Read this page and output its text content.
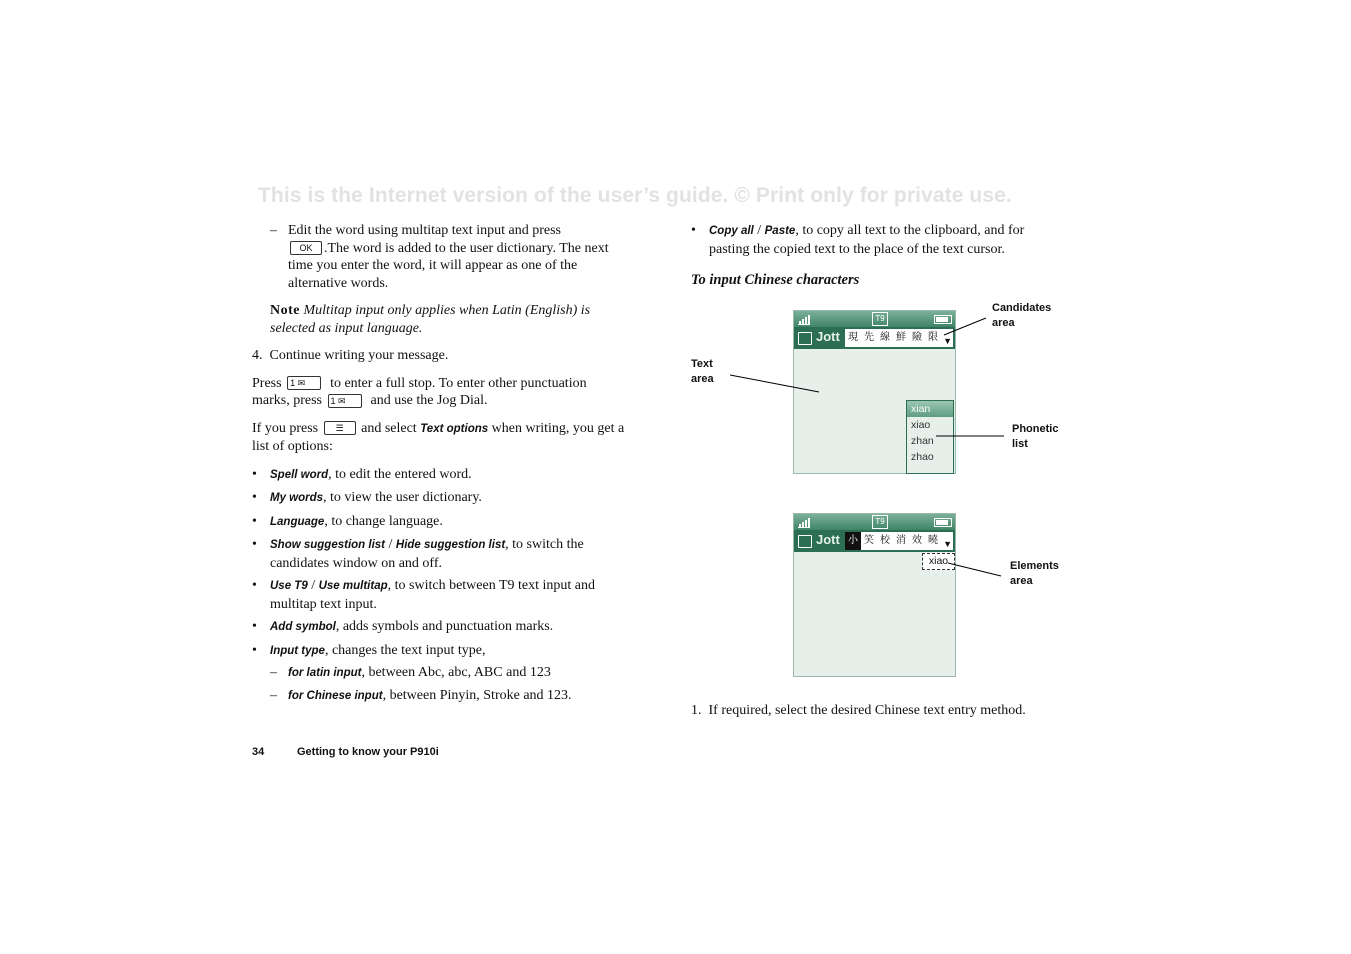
This is the Internet version of the user’s guide. © Print only for private use.
– Edit the word using multitap text input and press
OK .The word is added to the user dictionary. The next time you enter the word, it will appear as one of the alternative words.

Note Multitap input only applies when Latin (English) is selected as input language.

4. Continue writing your message.

Press 1 ✉ to enter a full stop. To enter other punctuation marks, press 1 ✉ and use the Jog Dial.

If you press ☰ and select Text options when writing, you get a list of options:

• Spell word, to edit the entered word.
• My words, to view the user dictionary.
• Language, to change language.
• Show suggestion list / Hide suggestion list, to switch the candidates window on and off.
• Use T9 / Use multitap, to switch between T9 text input and multitap text input.
• Add symbol, adds symbols and punctuation marks.
• Input type, changes the text input type,
– for latin input, between Abc, abc, ABC and 123
– for Chinese input, between Pinyin, Stroke and 123.
• Copy all / Paste, to copy all text to the clipboard, and for pasting the copied text to the place of the text cursor.

To input Chinese characters

T9
Jott 現 先 線 鮮 險 限 ▼
xian
xiao
zhan
zhao
T9
Jott 小 笑 校 消 效 曉 ▼
xiao
Candidates
area
Text
area
Phonetic
list
Elements
area

1. If required, select the desired Chinese text entry method.

34	Getting to know your P910i
